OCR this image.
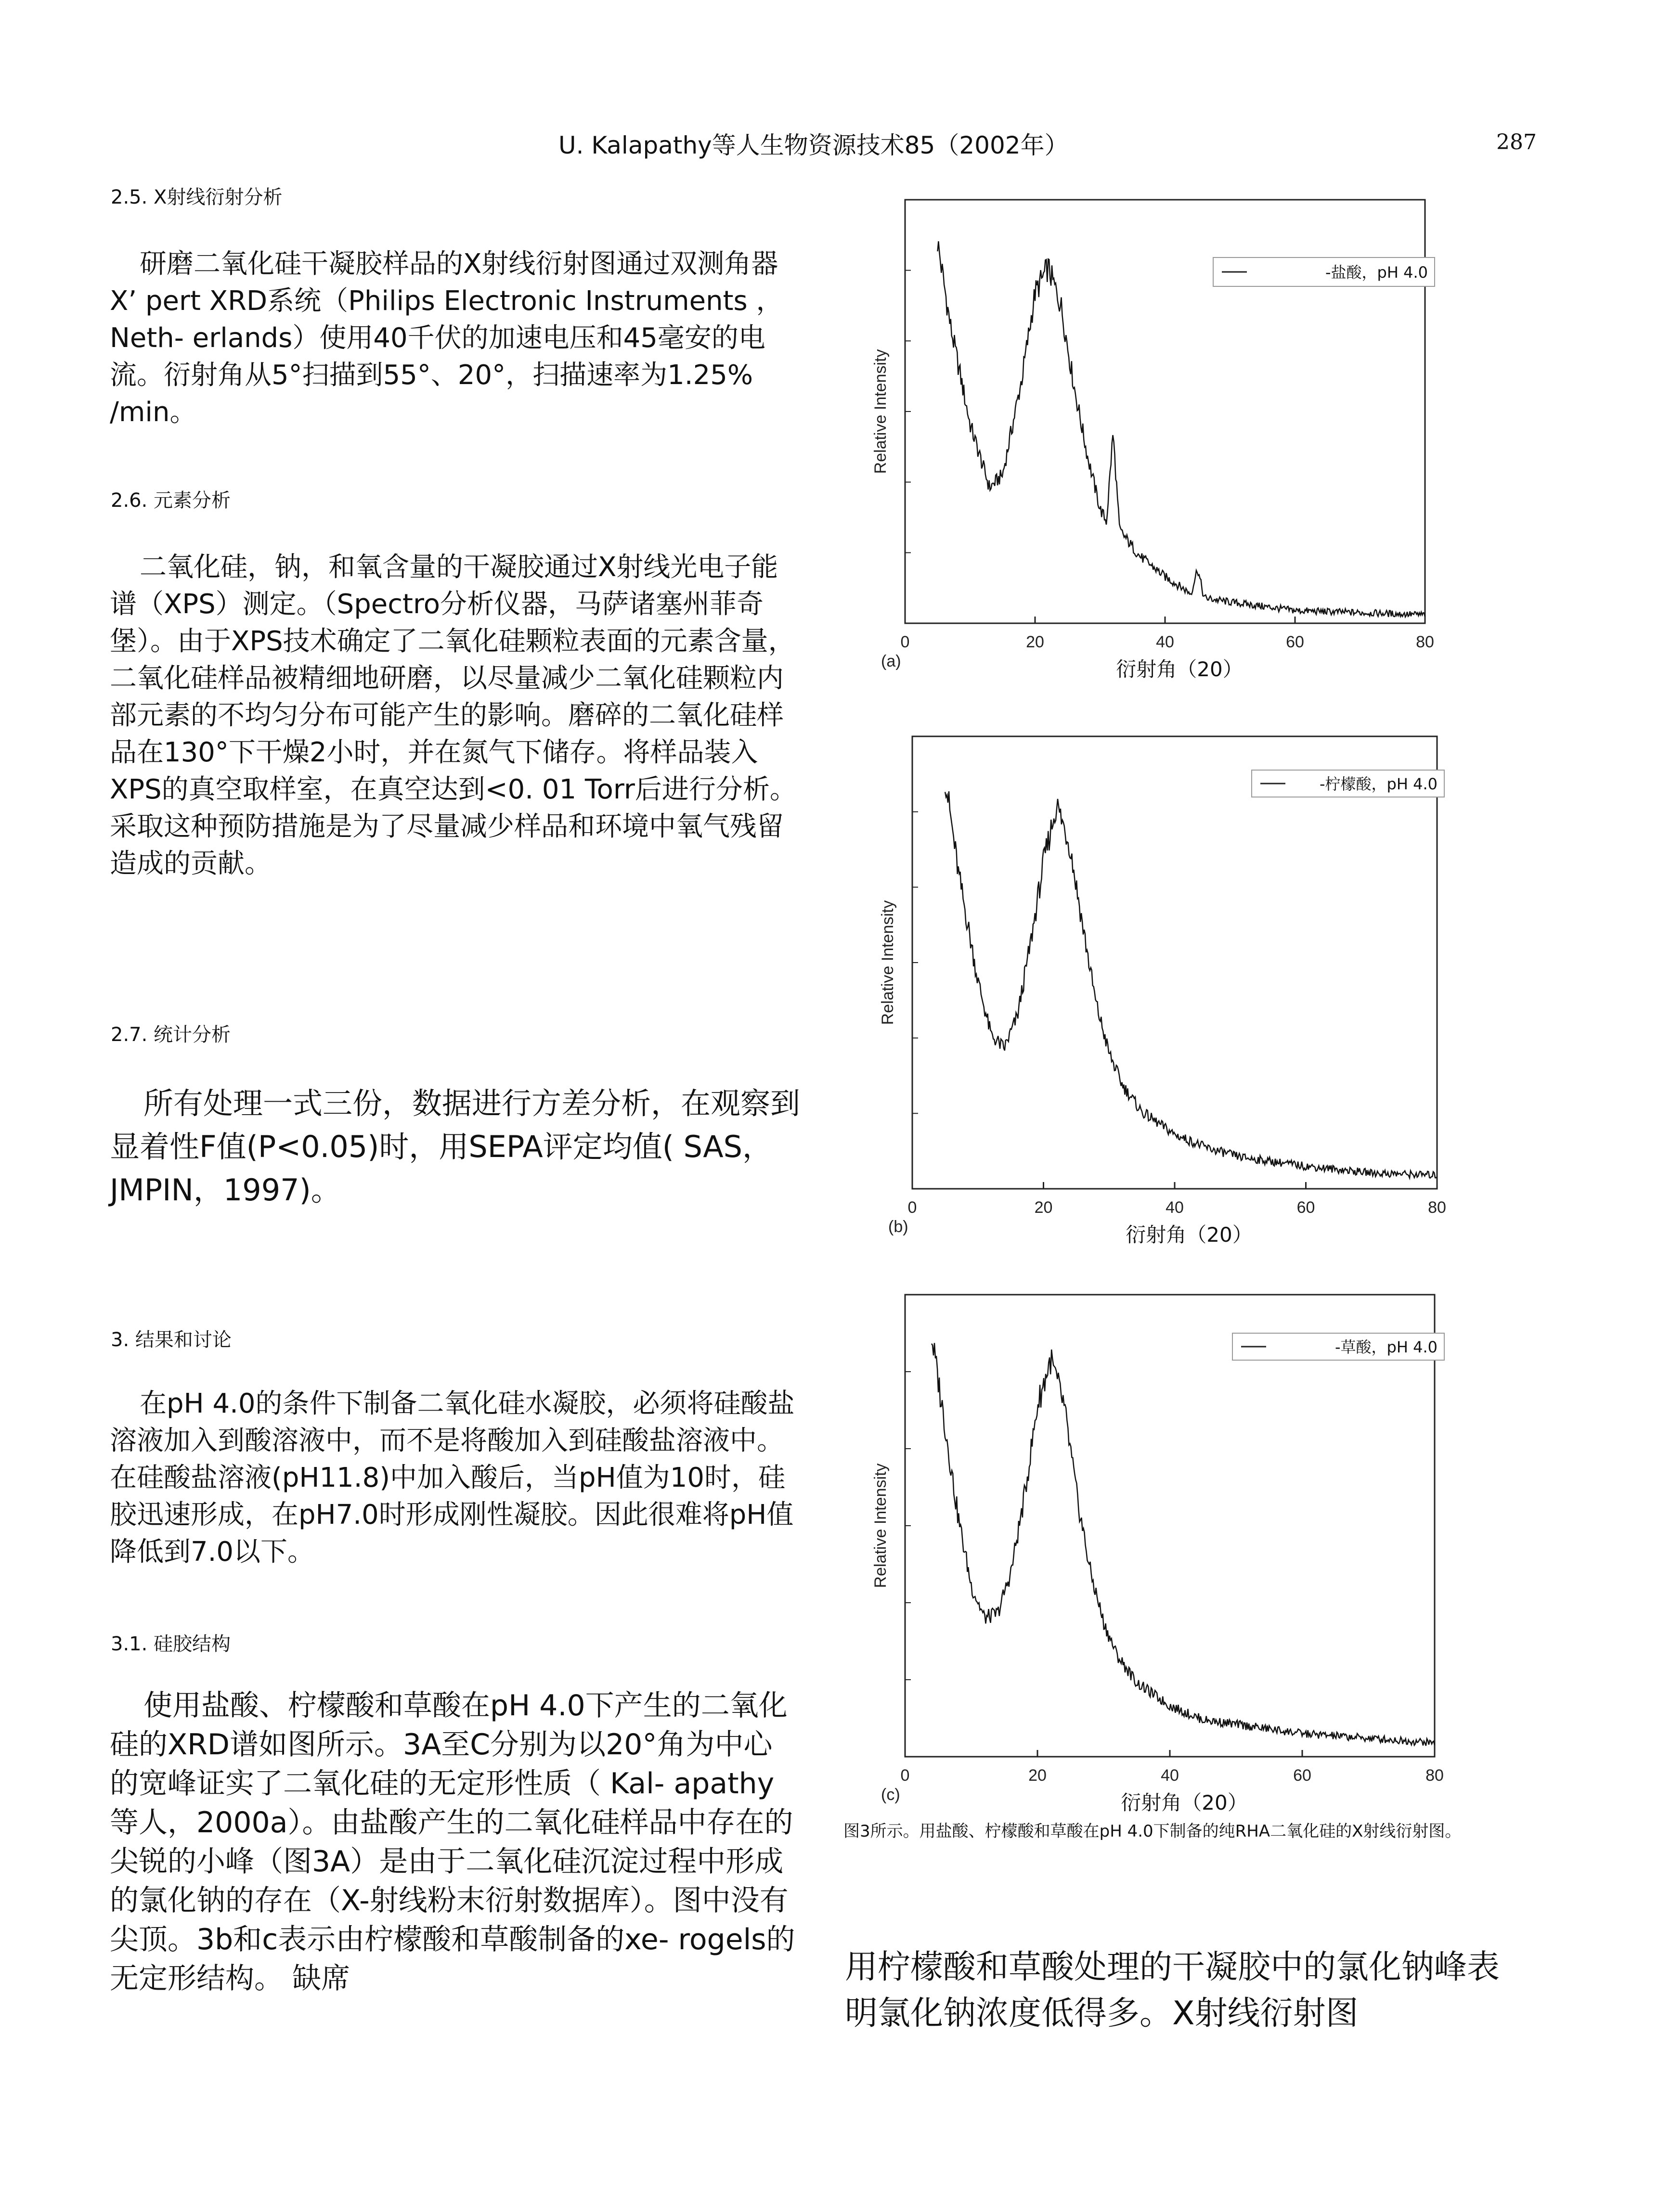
U. Kalapathy等人生物资源技术85（2002年）	287
2.5. X射线衍射分析
研磨二氧化硅干凝胶样品的X射线衍射图通过双测角器X’ pert XRD系统（Philips Electronic Instruments ，Neth- erlands）使用40千伏的加速电压和45毫安的电流。衍射角从5°扫描到55°、20°，扫描速率为1.25% /min。
2.6. 元素分析
二氧化硅，钠，和氧含量的干凝胶通过X射线光电子能谱（XPS）测定。（Spectro分析仪器，马萨诸塞州菲奇堡）。由于XPS技术确定了二氧化硅颗粒表面的元素含量，二氧化硅样品被精细地研磨，以尽量减少二氧化硅颗粒内部元素的不均匀分布可能产生的影响。磨碎的二氧化硅样品在130°下干燥2小时，并在氮气下储存。将样品装入XPS的真空取样室，在真空达到<0. 01 Torr后进行分析。 采取这种预防措施是为了尽量减少样品和环境中氧气残留造成的贡献。
2.7. 统计分析
所有处理一式三份，数据进行方差分析，在观察到显着性F值(P<0.05)时，用SEPA评定均值( SAS，JMPIN，1997)。
3. 结果和讨论
在pH 4.0的条件下制备二氧化硅水凝胶，必须将硅酸盐溶液加入到酸溶液中，而不是将酸加入到硅酸盐溶液中。在硅酸盐溶液(pH11.8)中加入酸后，当pH值为10时，硅胶迅速形成，在pH7.0时形成刚性凝胶。因此很难将pH值降低到7.0以下。
3.1. 硅胶结构
使用盐酸、柠檬酸和草酸在pH 4.0下产生的二氧化硅的XRD谱如图所示。3A至C分别为以20°角为中心的宽峰证实了二氧化硅的无定形性质（ Kal- apathy等人，2000a）。由盐酸产生的二氧化硅样品中存在的尖锐的小峰（图3A）是由于二氧化硅沉淀过程中形成的氯化钠的存在（X-射线粉末衍射数据库）。图中没有尖顶。3b和c表示由柠檬酸和草酸制备的xe- rogels的无定形结构。 缺席
0	20	40	60	80
衍射角（20）
Relative Intensity
(a)
-盐酸，pH 4.0
0	20	40	60	80
衍射角（20）
Relative Intensity
(b)
-柠檬酸，pH 4.0
0	20	40	60	80
衍射角（20）
Relative Intensity
(c)
-草酸，pH 4.0
图3所示。用盐酸、柠檬酸和草酸在pH 4.0下制备的纯RHA二氧化硅的X射线衍射图。
用柠檬酸和草酸处理的干凝胶中的氯化钠峰表明氯化钠浓度低得多。X射线衍射图
